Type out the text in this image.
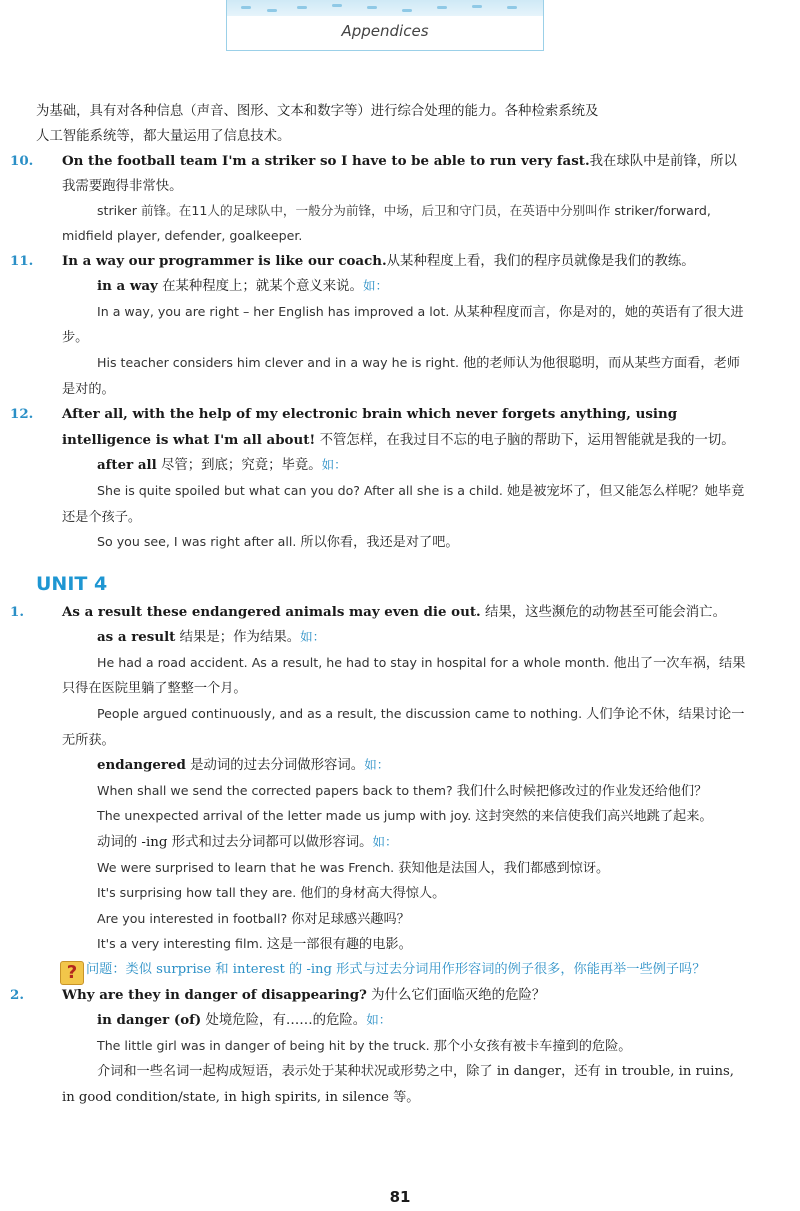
Appendices

为基础，具有对各种信息（声音、图形、文本和数字等）进行综合处理的能力。各种检索系统及

人工智能系统等，都大量运用了信息技术。

10. On the football team I'm a striker so I have to be able to run very fast.我在球队中是前锋，所以我需要跑得非常快。

striker 前锋。在11人的足球队中，一般分为前锋，中场，后卫和守门员，在英语中分别叫作 striker/forward, midfield player, defender, goalkeeper.

11. In a way our programmer is like our coach.从某种程度上看，我们的程序员就像是我们的教练。

in a way 在某种程度上；就某个意义来说。如：

In a way, you are right – her English has improved a lot. 从某种程度而言，你是对的，她的英语有了很大进步。

His teacher considers him clever and in a way he is right. 他的老师认为他很聪明，而从某些方面看，老师是对的。

12. After all, with the help of my electronic brain which never forgets anything, using intelligence is what I'm all about! 不管怎样，在我过目不忘的电子脑的帮助下，运用智能就是我的一切。

after all 尽管；到底；究竟；毕竟。如：

She is quite spoiled but what can you do? After all she is a child. 她是被宠坏了，但又能怎么样呢？她毕竟还是个孩子。

So you see, I was right after all. 所以你看，我还是对了吧。

UNIT 4

1.	As a result these endangered animals may even die out. 结果，这些濒危的动物甚至可能会消亡。

as a result 结果是；作为结果。如：

He had a road accident. As a result, he had to stay in hospital for a whole month. 他出了一次车祸，结果只得在医院里躺了整整一个月。

People argued continuously, and as a result, the discussion came to nothing. 人们争论不休，结果讨论一无所获。

endangered 是动词的过去分词做形容词。如：

When shall we send the corrected papers back to them? 我们什么时候把修改过的作业发还给他们？

The unexpected arrival of the letter made us jump with joy. 这封突然的来信使我们高兴地跳了起来。

动词的 -ing 形式和过去分词都可以做形容词。如：

We were surprised to learn that he was French. 获知他是法国人，我们都感到惊讶。

It's surprising how tall they are. 他们的身材高大得惊人。

Are you interested in football? 你对足球感兴趣吗？

It's a very interesting film. 这是一部很有趣的电影。

? 问题：类似 surprise 和 interest 的 -ing 形式与过去分词用作形容词的例子很多，你能再举一些例子吗？

2.	Why are they in danger of disappearing? 为什么它们面临灭绝的危险？

in danger (of) 处境危险，有……的危险。如：

The little girl was in danger of being hit by the truck. 那个小女孩有被卡车撞到的危险。

介词和一些名词一起构成短语，表示处于某种状况或形势之中，除了 in danger，还有 in trouble, in ruins, in good condition/state, in high spirits, in silence 等。

81
